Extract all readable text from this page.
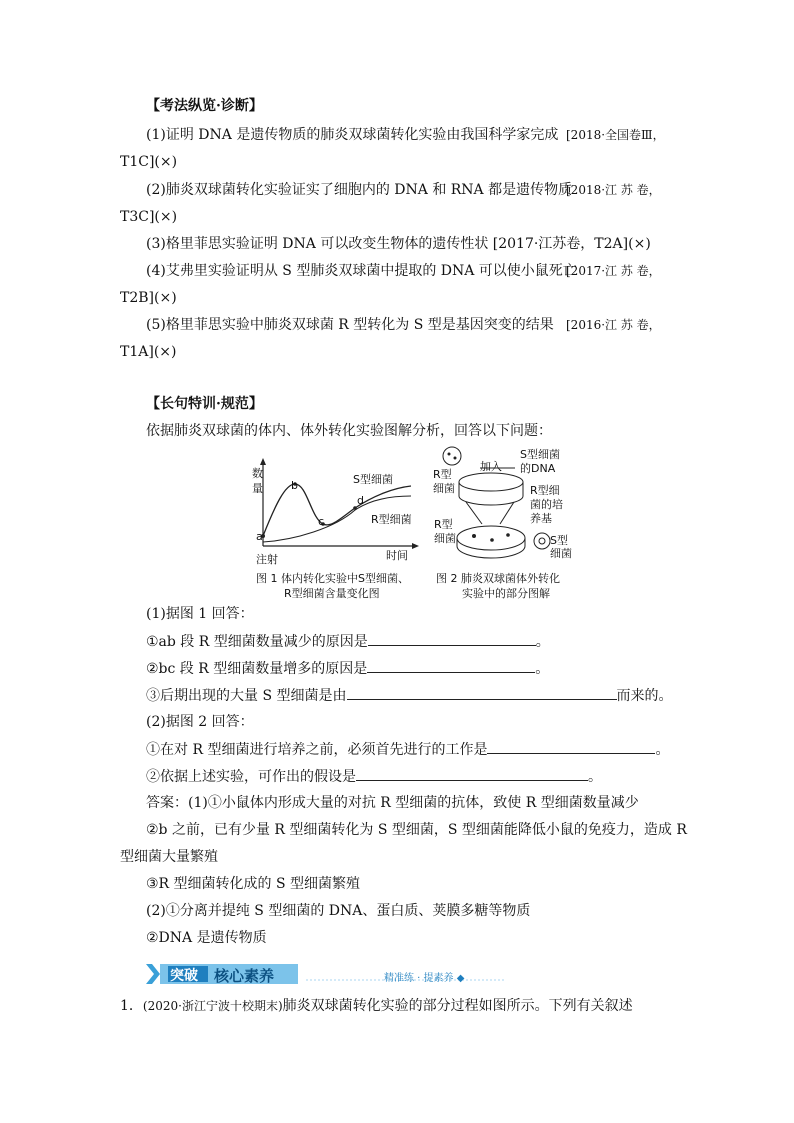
【考法纵览·诊断】
(1)证明 DNA 是遗传物质的肺炎双球菌转化实验由我国科学家完成 [2018·全国卷Ⅲ，
T1C](×)
(2)肺炎双球菌转化实验证实了细胞内的 DNA 和 RNA 都是遗传物质
[2018·江 苏 卷，
T3C](×)
(3)格里菲思实验证明 DNA 可以改变生物体的遗传性状 [2017·江苏卷，T2A](×)
(4)艾弗里实验证明从 S 型肺炎双球菌中提取的 DNA 可以使小鼠死亡
[2017·江 苏 卷，
T2B](×)
(5)格里菲思实验中肺炎双球菌 R 型转化为 S 型是基因突变的结果 [2016·江 苏 卷，
T1A](×)
【长句特训·规范】
依据肺炎双球菌的体内、体外转化实验图解分析，回答以下问题：
数
量
a
b
c
d
S型细菌
R型细菌
注射	时间
图 1 体内转化实验中S型细菌、
R型细菌含量变化图
R型
细菌
加入
S型细菌
的DNA
R型细
菌的培
养基
R型
细菌	S型
细菌
图 2 肺炎双球菌体外转化
实验中的部分图解
(1)据图 1 回答：
①ab 段 R 型细菌数量减少的原因是	。
②bc 段 R 型细菌数量增多的原因是	。
③后期出现的大量 S 型细菌是由	而来的。
(2)据图 2 回答：
①在对 R 型细菌进行培养之前，必须首先进行的工作是	。
②依据上述实验，可作出的假设是	。
答案：(1)①小鼠体内形成大量的对抗 R 型细菌的抗体，致使 R 型细菌数量减少
②b 之前，已有少量 R 型细菌转化为 S 型细菌，S 型细菌能降低小鼠的免疫力，造成 R
型细菌大量繁殖
③R 型细菌转化成的 S 型细菌繁殖
(2)①分离并提纯 S 型细菌的 DNA、蛋白质、荚膜多糖等物质
②DNA 是遗传物质
突破 核心素养	精准练 · 提素养 ◆
1．(2020·浙江宁波十校期末)肺炎双球菌转化实验的部分过程如图所示。下列有关叙述
